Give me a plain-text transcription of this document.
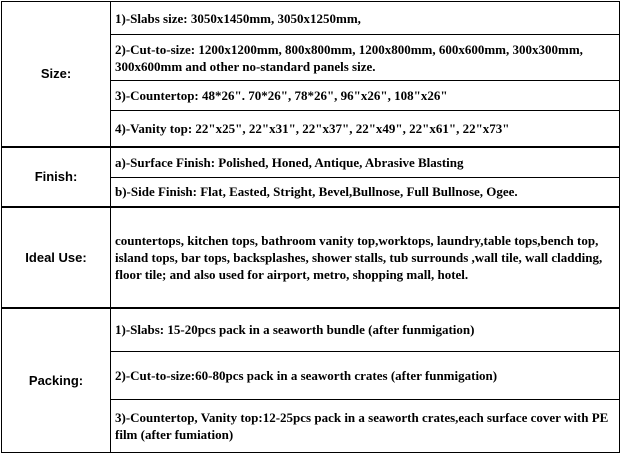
Size:	1)-Slabs size: 3050x1450mm, 3050x1250mm,
	2)-Cut-to-size: 1200x1200mm, 800x800mm, 1200x800mm, 600x600mm, 300x300mm, 300x600mm and other no-standard panels size.
	3)-Countertop: 48*26". 70*26", 78*26", 96"x26", 108"x26"
	4)-Vanity top: 22"x25", 22"x31", 22"x37", 22"x49", 22"x61", 22"x73"
Finish:	a)-Surface Finish: Polished, Honed, Antique, Abrasive Blasting
	b)-Side Finish: Flat, Easted, Stright, Bevel,Bullnose, Full Bullnose, Ogee.
Ideal Use:	countertops, kitchen tops, bathroom vanity top,worktops, laundry,table tops,bench top, island tops, bar tops, backsplashes, shower stalls, tub surrounds ,wall tile, wall cladding, floor tile; and also used for airport, metro, shopping mall, hotel.
Packing:	1)-Slabs: 15-20pcs pack in a seaworth bundle (after funmigation)
	2)-Cut-to-size:60-80pcs pack in a seaworth crates (after funmigation)
	3)-Countertop, Vanity top:12-25pcs pack in a seaworth crates,each surface cover with PE film (after fumiation)
